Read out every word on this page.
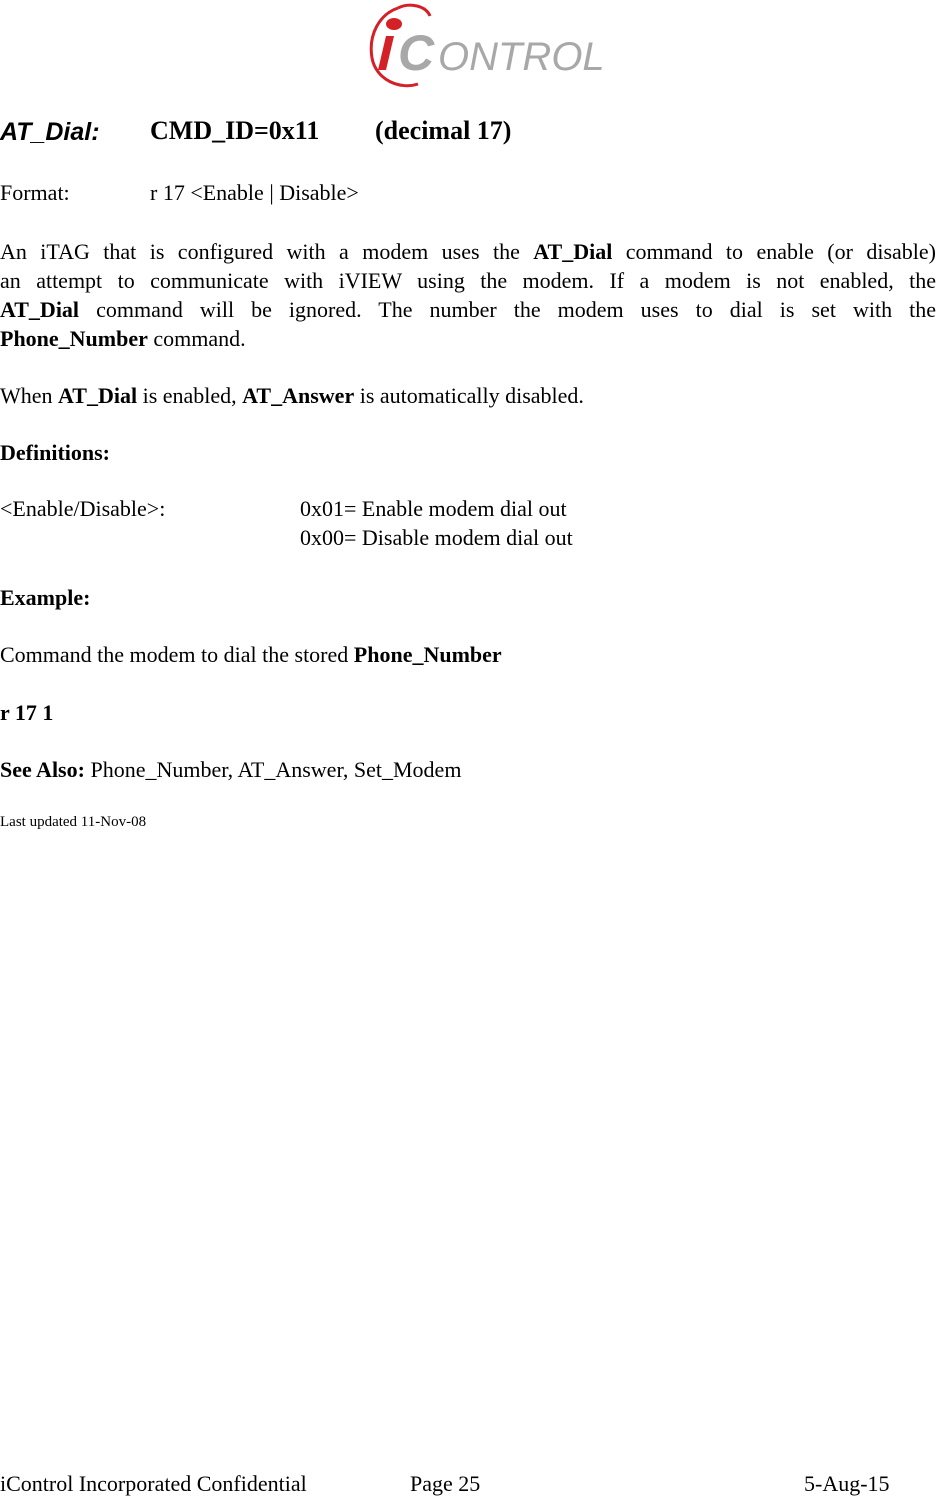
C ONTROL
AT_Dial: CMD_ID=0x11 (decimal 17)
Format:	r 17 <Enable | Disable>
An iTAG that is configured with a modem uses the AT_Dial command to enable (or disable)
an attempt to communicate with iVIEW using the modem. If a modem is not enabled, the
AT_Dial command will be ignored. The number the modem uses to dial is set with the
Phone_Number command.
When AT_Dial is enabled, AT_Answer is automatically disabled.
Definitions:
<Enable/Disable>:	0x01= Enable modem dial out
0x00= Disable modem dial out
Example:
Command the modem to dial the stored Phone_Number
r 17 1
See Also: Phone_Number, AT_Answer, Set_Modem
Last updated 11-Nov-08
iControl Incorporated Confidential	Page 25	5-Aug-15
